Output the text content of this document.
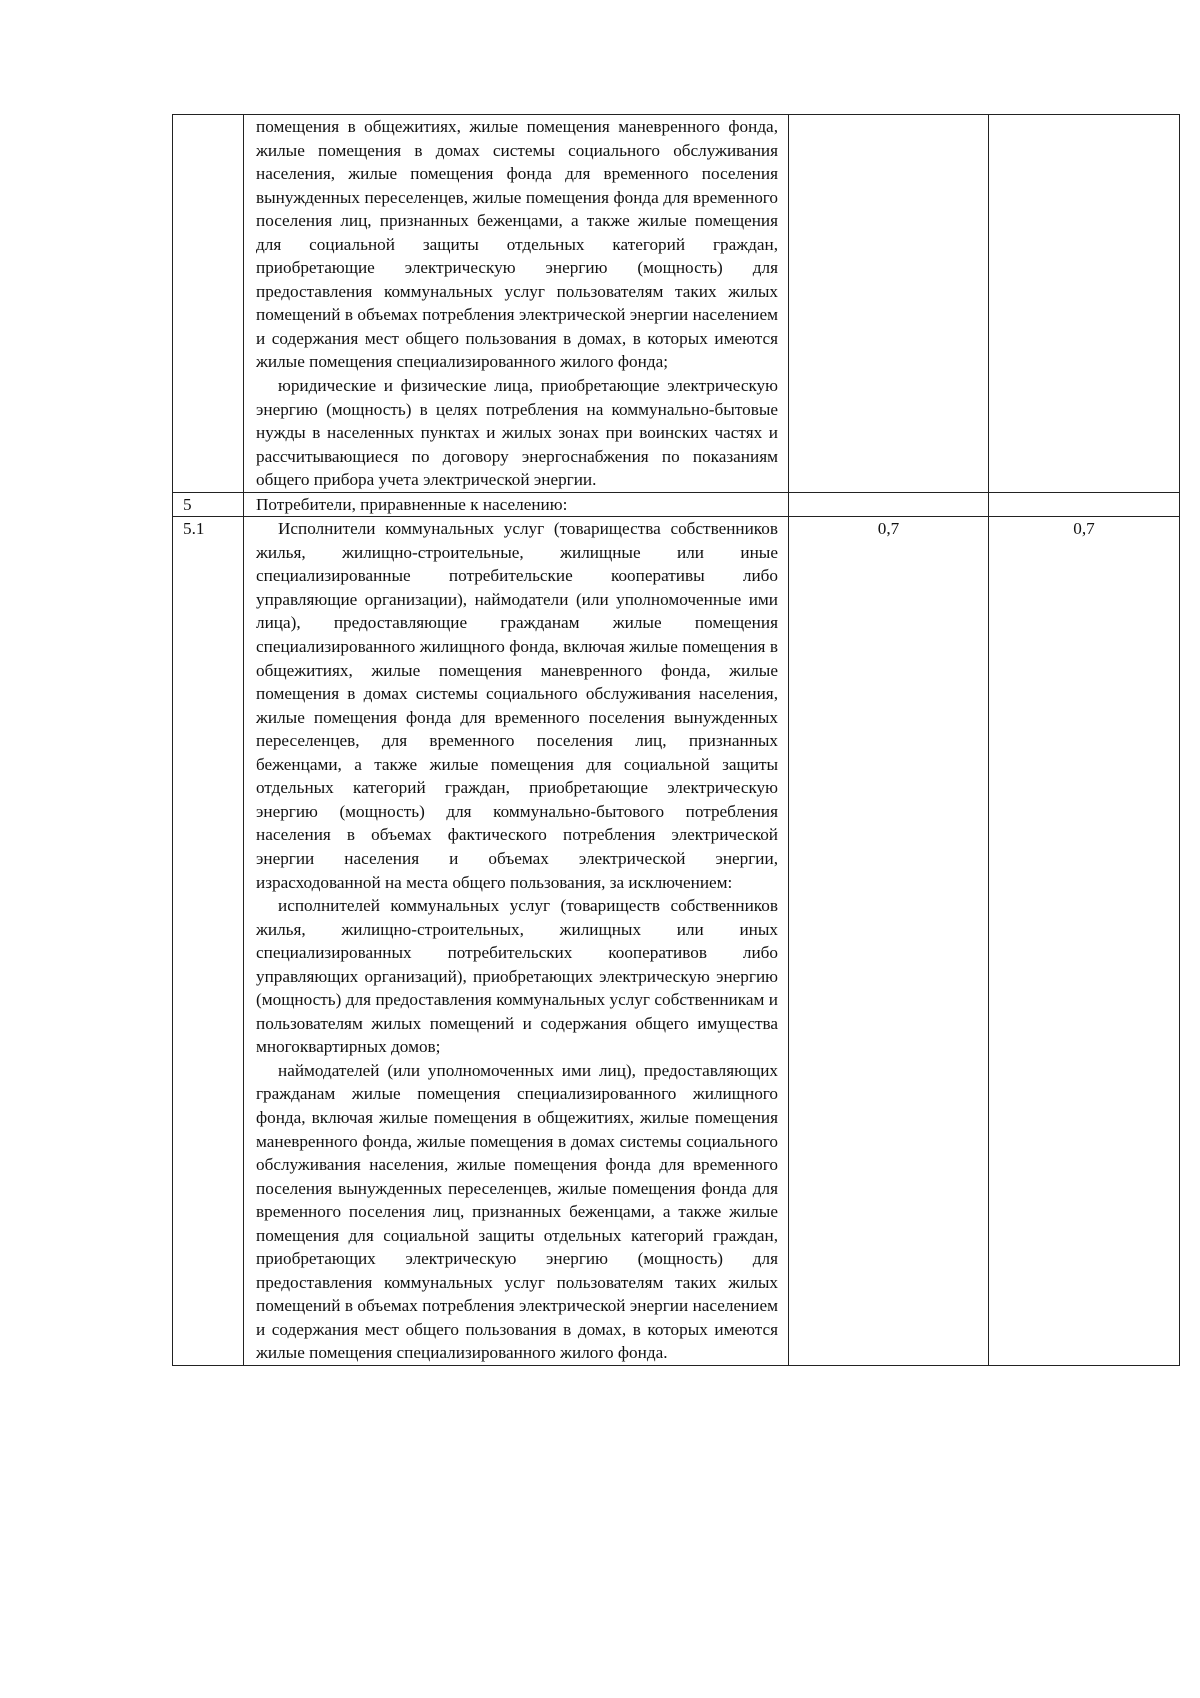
	помещения в общежитиях, жилые помещения маневренного фонда, жилые помещения в домах системы социального обслуживания населения, жилые помещения фонда для временного поселения вынужденных переселенцев, жилые помещения фонда для временного поселения лиц, признанных беженцами, а также жилые помещения для социальной защиты отдельных категорий граждан, приобретающие электрическую энергию (мощность) для предоставления коммунальных услуг пользователям таких жилых помещений в объемах потребления электрической энергии населением и содержания мест общего пользования в домах, в которых имеются жилые помещения специализированного жилого фонда;

юридические и физические лица, приобретающие электрическую энергию (мощность) в целях потребления на коммунально-бытовые нужды в населенных пунктах и жилых зонах при воинских частях и рассчитывающиеся по договору энергоснабжения по показаниям общего прибора учета электрической энергии.		

5	Потребители, приравненные к населению:		

5.1	Исполнители коммунальных услуг (товарищества собственников жилья, жилищно-строительные, жилищные или иные специализированные потребительские кооперативы либо управляющие организации), наймодатели (или уполномоченные ими лица), предоставляющие гражданам жилые помещения специализированного жилищного фонда, включая жилые помещения в общежитиях, жилые помещения маневренного фонда, жилые помещения в домах системы социального обслуживания населения, жилые помещения фонда для временного поселения вынужденных переселенцев, для временного поселения лиц, признанных беженцами, а также жилые помещения для социальной защиты отдельных категорий граждан, приобретающие электрическую энергию (мощность) для коммунально-бытового потребления населения в объемах фактического потребления электрической энергии населения и объемах электрической энергии, израсходованной на места общего пользования, за исключением:

исполнителей коммунальных услуг (товариществ собственников жилья, жилищно-строительных, жилищных или иных специализированных потребительских кооперативов либо управляющих организаций), приобретающих электрическую энергию (мощность) для предоставления коммунальных услуг собственникам и пользователям жилых помещений и содержания общего имущества многоквартирных домов;

наймодателей (или уполномоченных ими лиц), предоставляющих гражданам жилые помещения специализированного жилищного фонда, включая жилые помещения в общежитиях, жилые помещения маневренного фонда, жилые помещения в домах системы социального обслуживания населения, жилые помещения фонда для временного поселения вынужденных переселенцев, жилые помещения фонда для временного поселения лиц, признанных беженцами, а также жилые помещения для социальной защиты отдельных категорий граждан, приобретающих электрическую энергию (мощность) для предоставления коммунальных услуг пользователям таких жилых помещений в объемах потребления электрической энергии населением и содержания мест общего пользования в домах, в которых имеются жилые помещения специализированного жилого фонда.	0,7	0,7
